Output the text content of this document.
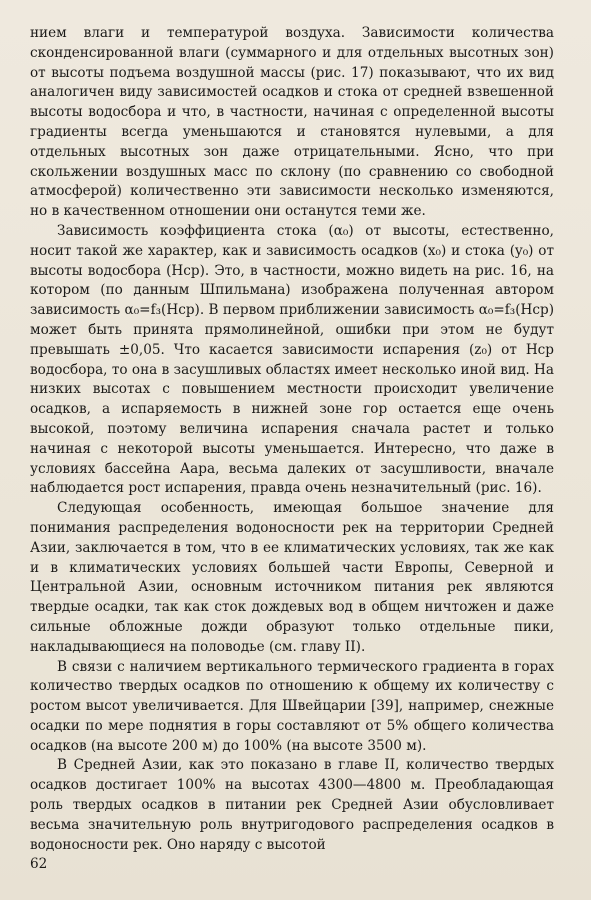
нием влаги и температурой воздуха. Зависимости количества сконденсированной влаги (суммарного и для отдельных высотных зон) от высоты подъема воздушной массы (рис. 17) показывают, что их вид аналогичен виду зависимостей осадков и стока от средней взвешенной высоты водосбора и что, в частности, начиная с определенной высоты градиенты всегда уменьшаются и становятся нулевыми, а для отдельных высотных зон даже отрицательными. Ясно, что при скольжении воздушных масс по склону (по сравнению со свободной атмосферой) количественно эти зависимости несколько изменяются, но в качественном отношении они останутся теми же.

Зависимость коэффициента стока (α₀) от высоты, естественно, носит такой же характер, как и зависимость осадков (x₀) и стока (y₀) от высоты водосбора (Hср). Это, в частности, можно видеть на рис. 16, на котором (по данным Шпильмана) изображена полученная автором зависимость α₀=f₃(Hср). В первом приближении зависимость α₀=f₃(Hср) может быть принята прямолинейной, ошибки при этом не будут превышать ±0,05. Что касается зависимости испарения (z₀) от Hср водосбора, то она в засушливых областях имеет несколько иной вид. На низких высотах с повышением местности происходит увеличение осадков, а испаряемость в нижней зоне гор остается еще очень высокой, поэтому величина испарения сначала растет и только начиная с некоторой высоты уменьшается. Интересно, что даже в условиях бассейна Аара, весьма далеких от засушливости, вначале наблюдается рост испарения, правда очень незначительный (рис. 16).

Следующая особенность, имеющая большое значение для понимания распределения водоносности рек на территории Средней Азии, заключается в том, что в ее климатических условиях, так же как и в климатических условиях большей части Европы, Северной и Центральной Азии, основным источником питания рек являются твердые осадки, так как сток дождевых вод в общем ничтожен и даже сильные обложные дожди образуют только отдельные пики, накладывающиеся на половодье (см. главу II).

В связи с наличием вертикального термического градиента в горах количество твердых осадков по отношению к общему их количеству с ростом высот увеличивается. Для Швейцарии [39], например, снежные осадки по мере поднятия в горы составляют от 5% общего количества осадков (на высоте 200 м) до 100% (на высоте 3500 м).

В Средней Азии, как это показано в главе II, количество твердых осадков достигает 100% на высотах 4300—4800 м. Преобладающая роль твердых осадков в питании рек Средней Азии обусловливает весьма значительную роль внутригодового распределения осадков в водоносности рек. Оно наряду с высотой

62
